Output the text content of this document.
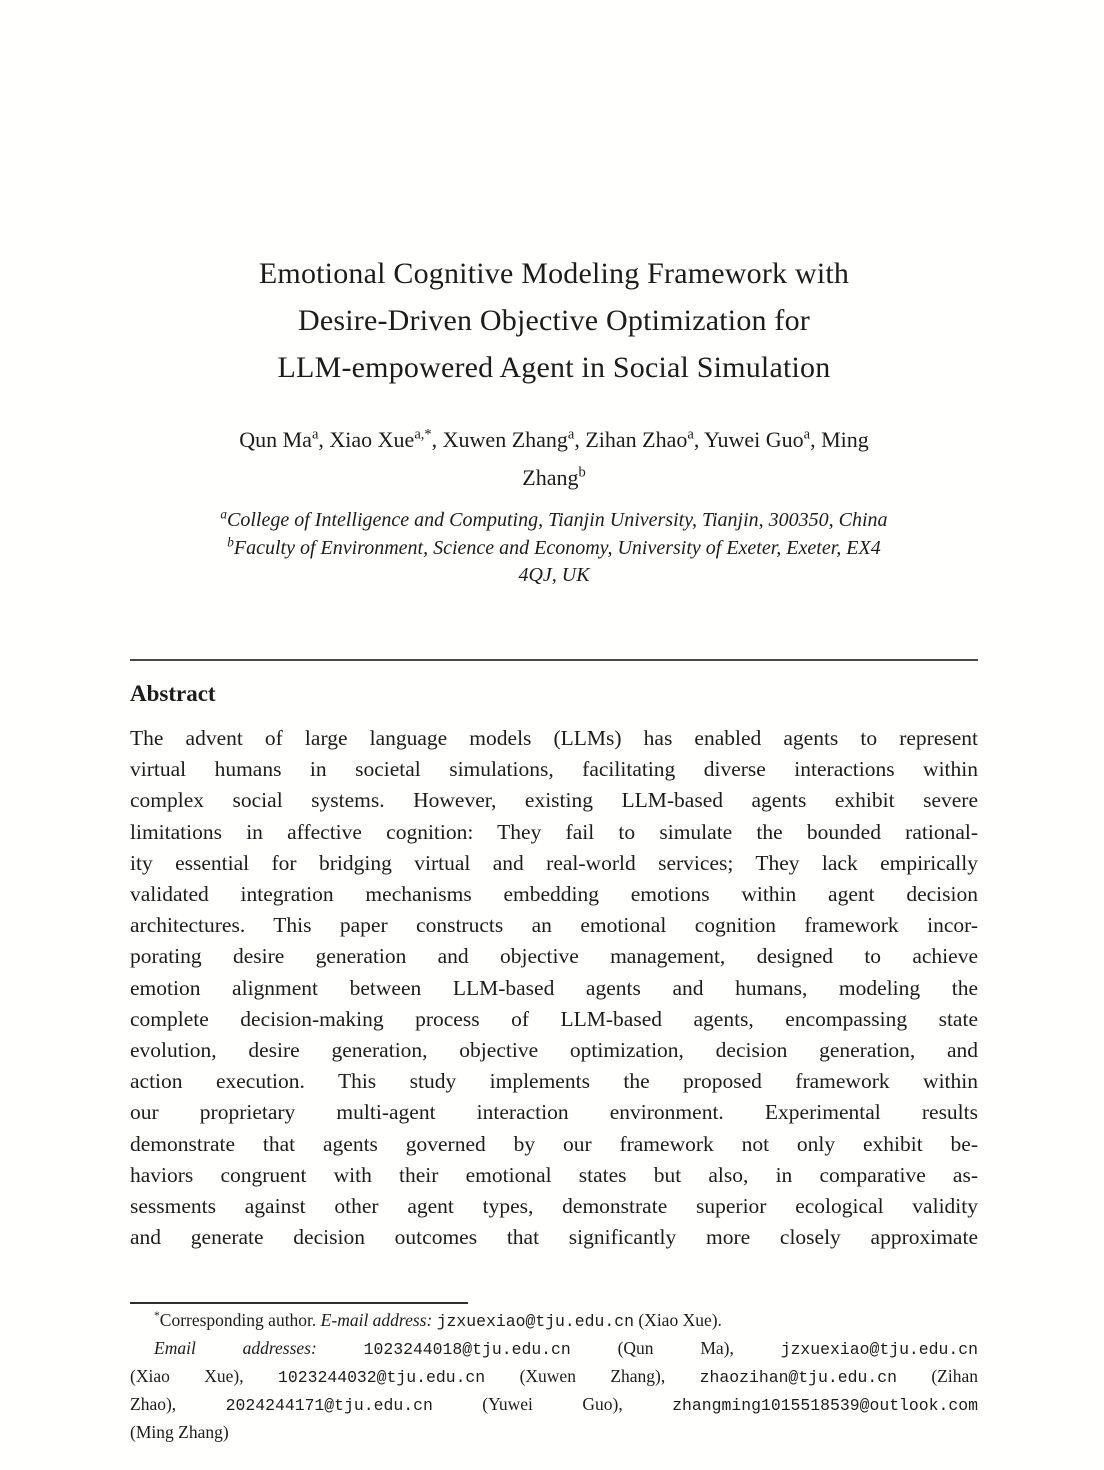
Emotional Cognitive Modeling Framework with
Desire-Driven Objective Optimization for
LLM-empowered Agent in Social Simulation
Qun Ma$^a$, Xiao Xue$^{a,*}$, Xuwen Zhang$^a$, Zihan Zhao$^a$, Yuwei Guo$^a$, Ming
Zhang$^b$
$^a$College of Intelligence and Computing, Tianjin University, Tianjin, 300350, China
$^b$Faculty of Environment, Science and Economy, University of Exeter, Exeter, EX4
4QJ, UK
Abstract
The advent of large language models (LLMs) has enabled agents to represent
virtual humans in societal simulations, facilitating diverse interactions within
complex social systems. However, existing LLM-based agents exhibit severe
limitations in affective cognition: They fail to simulate the bounded rational-
ity essential for bridging virtual and real-world services; They lack empirically
validated integration mechanisms embedding emotions within agent decision
architectures. This paper constructs an emotional cognition framework incor-
porating desire generation and objective management, designed to achieve
emotion alignment between LLM-based agents and humans, modeling the
complete decision-making process of LLM-based agents, encompassing state
evolution, desire generation, objective optimization, decision generation, and
action execution. This study implements the proposed framework within
our proprietary multi-agent interaction environment. Experimental results
demonstrate that agents governed by our framework not only exhibit be-
haviors congruent with their emotional states but also, in comparative as-
sessments against other agent types, demonstrate superior ecological validity
and generate decision outcomes that significantly more closely approximate
*Corresponding author. E-mail address: jzxuexiao@tju.edu.cn (Xiao Xue).
Email addresses: 1023244018@tju.edu.cn (Qun Ma), jzxuexiao@tju.edu.cn
(Xiao Xue), 1023244032@tju.edu.cn (Xuwen Zhang), zhaozihan@tju.edu.cn (Zihan
Zhao), 2024244171@tju.edu.cn (Yuwei Guo), zhangming1015518539@outlook.com
(Ming Zhang)
